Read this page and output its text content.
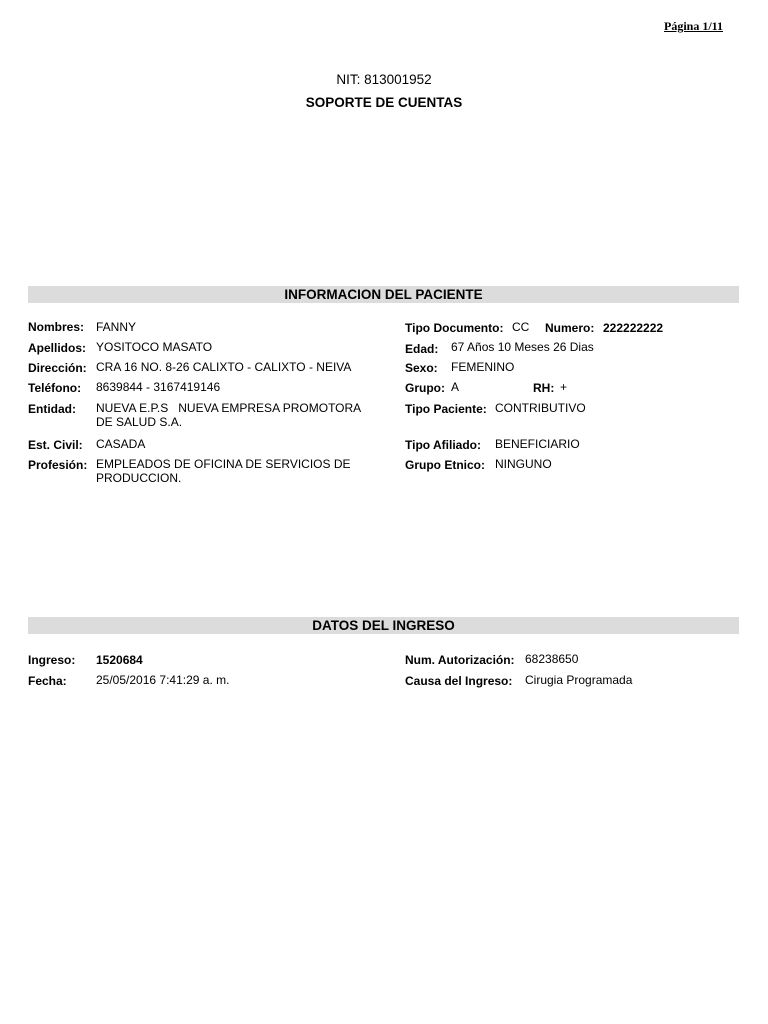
Página 1/11
NIT: 813001952
SOPORTE DE CUENTAS
INFORMACION DEL PACIENTE
Nombres: FANNY
Apellidos: YOSITOCO MASATO
Dirección: CRA 16 NO. 8-26 CALIXTO - CALIXTO - NEIVA
Teléfono: 8639844 - 3167419146
Entidad: NUEVA E.P.S   NUEVA EMPRESA PROMOTORA
DE SALUD S.A.
Est. Civil: CASADA
Profesión: EMPLEADOS DE OFICINA DE SERVICIOS DE
PRODUCCION.
Tipo Documento: CC Numero: 222222222
Edad: 67 Años 10 Meses 26 Dias
Sexo: FEMENINO
Grupo: A	RH: +
Tipo Paciente: CONTRIBUTIVO
Tipo Afiliado: BENEFICIARIO
Grupo Etnico: NINGUNO
DATOS DEL INGRESO
Ingreso: 1520684
Fecha: 25/05/2016 7:41:29 a. m.
Num. Autorización: 68238650
Causa del Ingreso: Cirugia Programada
